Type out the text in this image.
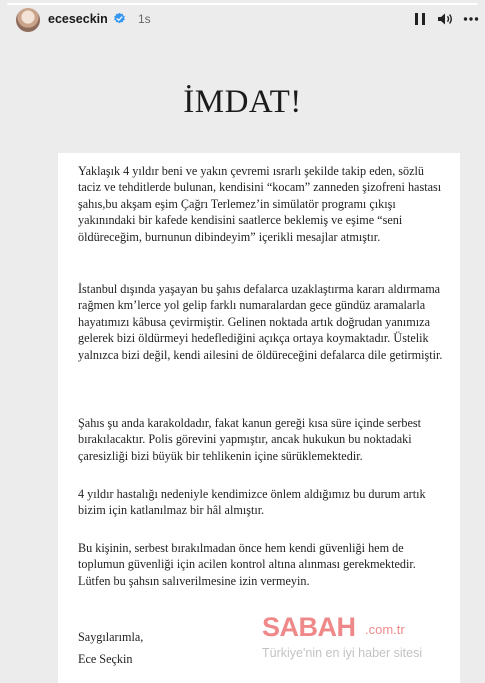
eceseckin	1s
İMDAT!
Yaklaşık 4 yıldır beni ve yakın çevremi ısrarlı şekilde takip eden, sözlü taciz ve tehditlerde bulunan, kendisini “kocam” zanneden şizofreni hastası şahıs,bu akşam eşim Çağrı Terlemez’in simülatör programı çıkışı yakınındaki bir kafede kendisini saatlerce beklemiş ve eşime “seni öldüreceğim, burnunun dibindeyim” içerikli mesajlar atmıştır.
İstanbul dışında yaşayan bu şahıs defalarca uzaklaştırma kararı aldırmama rağmen km’lerce yol gelip farklı numaralardan gece gündüz aramalarla hayatımızı kâbusa çevirmiştir. Gelinen noktada artık doğrudan yanımıza gelerek bizi öldürmeyi hedeflediğini açıkça ortaya koymaktadır. Üstelik yalnızca bizi değil, kendi ailesini de öldüreceğini defalarca dile getirmiştir.
Şahıs şu anda karakoldadır, fakat kanun gereği kısa süre içinde serbest bırakılacaktır. Polis görevini yapmıştır, ancak hukukun bu noktadaki çaresizliği bizi büyük bir tehlikenin içine sürüklemektedir.
4 yıldır hastalığı nedeniyle kendimizce önlem aldığımız bu durum artık bizim için katlanılmaz bir hâl almıştır.
Bu kişinin, serbest bırakılmadan önce hem kendi güvenliği hem de toplumun güvenliği için acilen kontrol altına alınması gerekmektedir. Lütfen bu şahsın salıverilmesine izin vermeyin.
Saygılarımla,
Ece Seçkin
SABAH .com.tr
Türkiye'nin en iyi haber sitesi
